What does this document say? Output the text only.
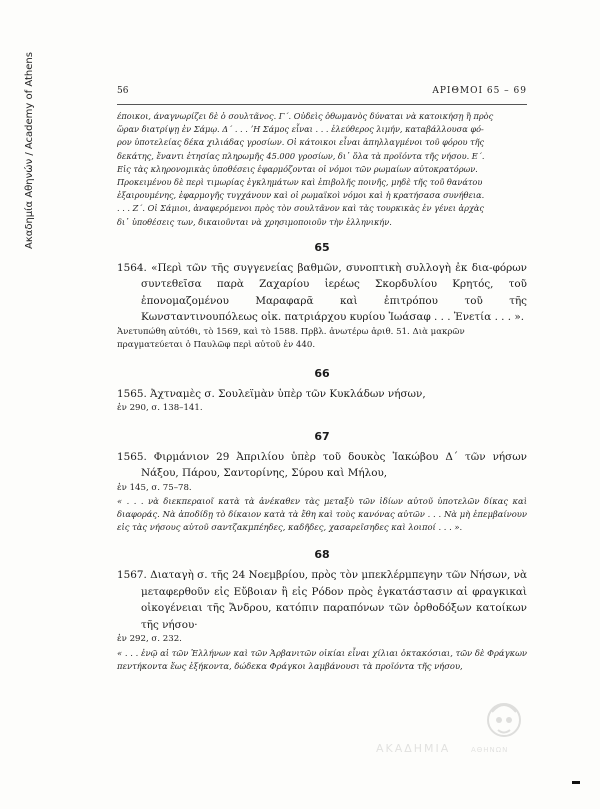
Ακαδημία Αθηνών / Academy of Athens	56	ΑΡΙΘΜΟΙ 65 – 69

έποικοι, άναγνωρίζει δὲ ὁ σουλτᾶνος. Γ΄. Οὐδεὶς ὀθωμανὸς δύναται νὰ κατοικήσῃ ἢ πρὸς

ὥραν διατρίψῃ ἐν Σάμῳ. Δ΄ . . . ʼΗ Σάμος εἶναι . . . ἐλεύθερος λιμήν, καταβάλλουσα φό-

ρον ὑποτελείας δέκα χιλιάδας γροσίων. Οἱ κάτοικοι εἶναι ἀπηλλαγμένοι τοῦ φόρου τῆς

δεκάτης, ἔναντι ἐτησίας πληρωμῆς 45.000 γροσίων, δι᾽ ὅλα τὰ προϊόντα τῆς νήσου. Ε΄.

Εἰς τὰς κληρονομικὰς ὑποθέσεις ἐφαρμόζονται οἱ νόμοι τῶν ρωμαίων αὐτοκρατόρων.

Προκειμένου δὲ περὶ τιμωρίας ἐγκλημάτων καὶ ἐπιβολῆς ποινῆς, μηδὲ τῆς τοῦ θανάτου

ἐξαιρουμένης, ἐφαρμογῆς τυγχάνουν καὶ οἱ ρωμαϊκοὶ νόμοι καὶ ἡ κρατήσασα συνήθεια.

. . . Ζ΄. Οἱ Σάμιοι, ἀναφερόμενοι πρὸς τὸν σουλτᾶνον καὶ τὰς τουρκικὰς ἐν γένει ἀρχὰς

δι᾽ ὑποθέσεις των, δικαιοῦνται νὰ χρησιμοποιοῦν τὴν ἑλληνικήν.

65

1564. «Περὶ τῶν τῆς συγγενείας βαθμῶν, συνοπτικὴ συλλογὴ ἐκ δια-φόρων συντεθεῖσα παρὰ Ζαχαρίου ἱερέως Σκορδυλίου Κρητός, τοῦ ἐπονομαζομένου Μαραφαρᾶ καὶ ἐπιτρόπου τοῦ τῆς Κωνσταντινουπόλεως οἰκ. πατριάρχου κυρίου Ἰωάσαφ . . . Ἐνετία . . . ».

Ἀνετυπώθη αὐτόθι, τὸ 1569, καὶ τὸ 1588. Πρβλ. ἀνωτέρω ἀριθ. 51. Διὰ μακρῶν πραγματεύεται ὁ Παυλῶφ περὶ αὐτοῦ ἐν 440.

66

1565. Ἀχτναμὲς σ. Σουλεϊμὰν ὑπὲρ τῶν Κυκλάδων νήσων,

ἐν 290, σ. 138–141.

67

1565. Φιρμάνιον 29 Ἀπριλίου ὑπὲρ τοῦ δουκὸς Ἰακώβου Δ΄ τῶν νήσων Νάξου, Πάρου, Σαντορίνης, Σύρου καὶ Μήλου,

ἐν 145, σ. 75–78.

« . . . νὰ διεκπεραιοῖ κατὰ τὰ ἀνέκαθεν τὰς μεταξὺ τῶν ἰδίων αὐτοῦ ὑποτελῶν δίκας καὶ διαφοράς. Νὰ ἀποδίδῃ τὸ δίκαιον κατὰ τὰ ἔθη καὶ τοὺς κανόνας αὐτῶν . . . Νὰ μὴ ἐπεμβαίνουν εἰς τὰς νήσους αὐτοῦ σαντζακμπέηδες, καδῆδες, χασαρεῖσηδες καὶ λοιποί . . . ».

68

1567. Διαταγὴ σ. τῆς 24 Νοεμβρίου, πρὸς τὸν μπεκλέρμπεγην τῶν Νήσων, νὰ μεταφερθοῦν εἰς Εὔβοιαν ἢ εἰς Ρόδον πρὸς ἐγκατάστασιν αἱ φραγκικαὶ οἰκογένειαι τῆς Ἄνδρου, κατόπιν παραπόνων τῶν ὀρθοδόξων κατοίκων τῆς νήσου·

ἐν 292, σ. 232.

« . . . ἐνῷ αἱ τῶν Ἑλλήνων καὶ τῶν Ἀρβανιτῶν οἰκίαι εἶναι χίλιαι ὀκτακόσιαι, τῶν δὲ Φράγκων πεντήκοντα ἕως ἑξήκοντα, δώδεκα Φράγκοι λαμβάνουσι τὰ προϊόντα τῆς νήσου,

ΑΚΑΔΗΜΙΑ	ΑΘΗΝΩΝ
